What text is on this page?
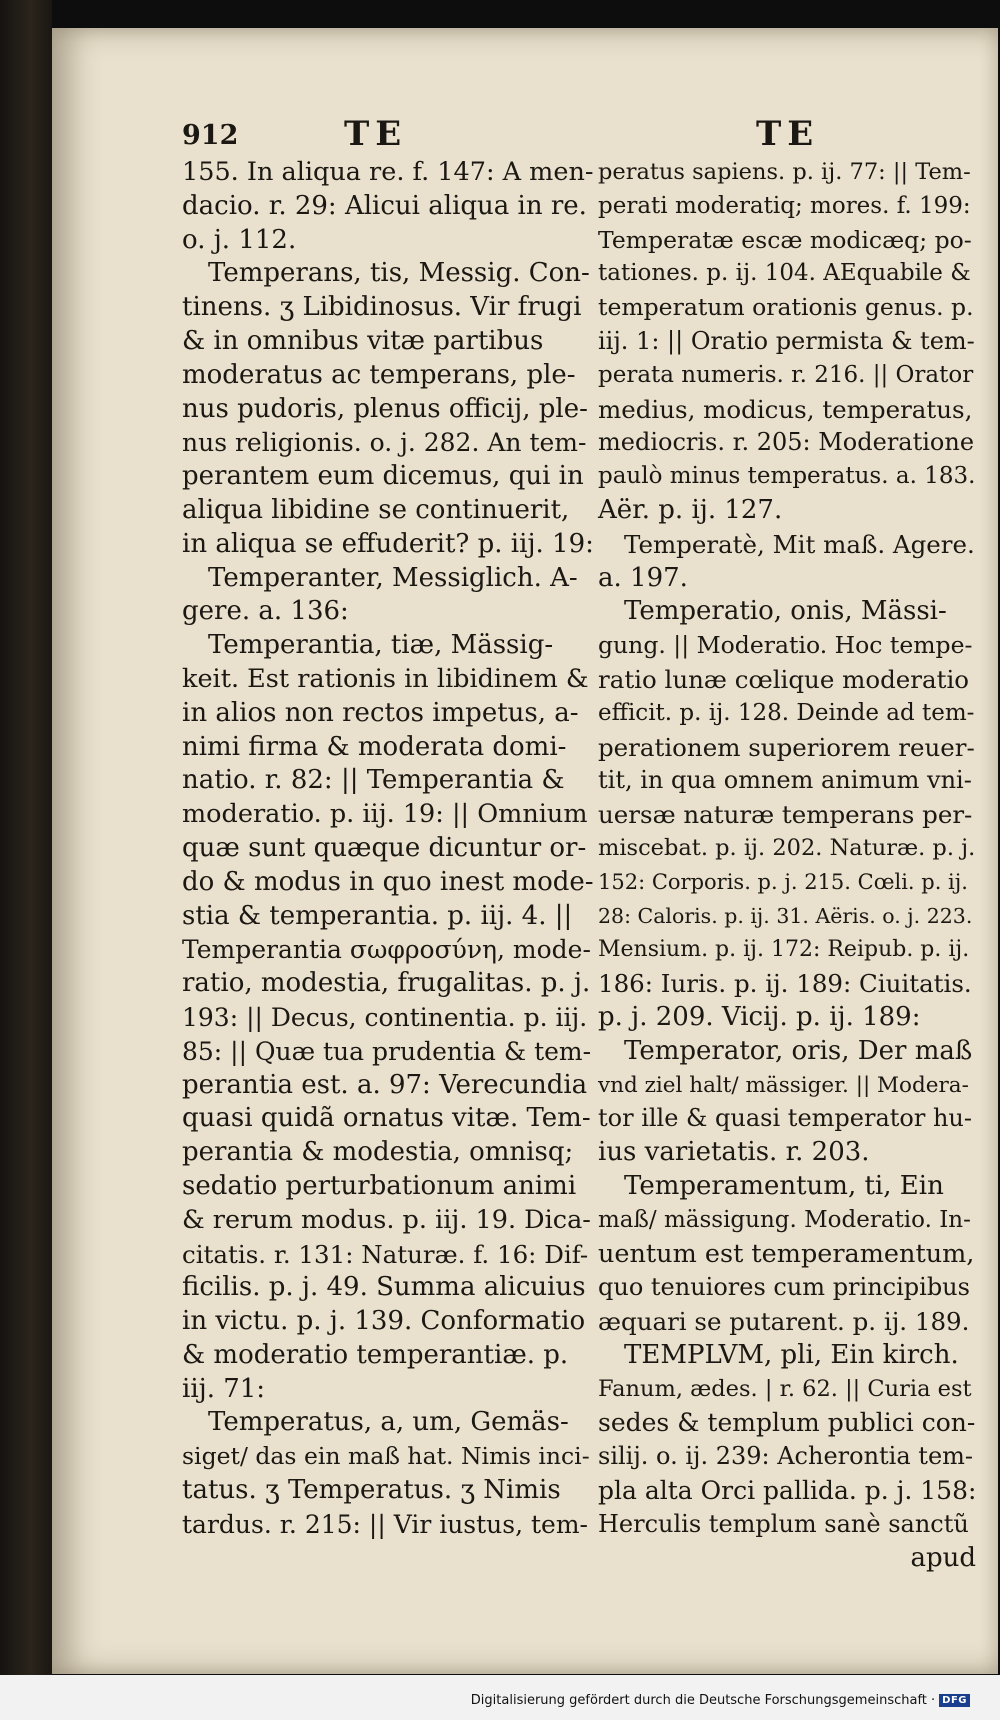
912	TE	TE
155. In aliqua re. f. 147: A men-
dacio. r. 29: Alicui aliqua in re.
o. j. 112.
Temperans, tis, Messig. Con-
tinens. ʒ Libidinosus. Vir frugi
& in omnibus vitæ partibus
moderatus ac temperans, ple-
nus pudoris, plenus officij, ple-
nus religionis. o. j. 282. An tem-
perantem eum dicemus, qui in
aliqua libidine se continuerit,
in aliqua se effuderit? p. iij. 19:
Temperanter, Messiglich. A-
gere. a. 136:
Temperantia, tiæ, Mässig-
keit. Est rationis in libidinem &
in alios non rectos impetus, a-
nimi firma & moderata domi-
natio. r. 82: || Temperantia &
moderatio. p. iij. 19: || Omnium
quæ sunt quæque dicuntur or-
do & modus in quo inest mode-
stia & temperantia. p. iij. 4. ||
Temperantia σωφροσύνη, mode-
ratio, modestia, frugalitas. p. j.
193: || Decus, continentia. p. iij.
85: || Quæ tua prudentia & tem-
perantia est. a. 97: Verecundia
quasi quidã ornatus vitæ. Tem-
perantia & modestia, omnisq;
sedatio perturbationum animi
& rerum modus. p. iij. 19. Dica-
citatis. r. 131: Naturæ. f. 16: Dif-
ficilis. p. j. 49. Summa alicuius
in victu. p. j. 139. Conformatio
& moderatio temperantiæ. p.
iij. 71:
Temperatus, a, um, Gemäs-
siget/ das ein maß hat. Nimis inci-
tatus. ʒ Temperatus. ʒ Nimis
tardus. r. 215: || Vir iustus, tem-
peratus sapiens. p. ij. 77: || Tem-
perati moderatiq; mores. f. 199:
Temperatæ escæ modicæq; po-
tationes. p. ij. 104. AEquabile &
temperatum orationis genus. p.
iij. 1: || Oratio permista & tem-
perata numeris. r. 216. || Orator
medius, modicus, temperatus,
mediocris. r. 205: Moderatione
paulò minus temperatus. a. 183.
Aër. p. ij. 127.
Temperatè, Mit maß. Agere.
a. 197.
Temperatio, onis, Mässi-
gung. || Moderatio. Hoc tempe-
ratio lunæ cœlique moderatio
efficit. p. ij. 128. Deinde ad tem-
perationem superiorem reuer-
tit, in qua omnem animum vni-
uersæ naturæ temperans per-
miscebat. p. ij. 202. Naturæ. p. j.
152: Corporis. p. j. 215. Cœli. p. ij.
28: Caloris. p. ij. 31. Aëris. o. j. 223.
Mensium. p. ij. 172: Reipub. p. ij.
186: Iuris. p. ij. 189: Ciuitatis.
p. j. 209. Vicij. p. ij. 189:
Temperator, oris, Der maß
vnd ziel halt/ mässiger. || Modera-
tor ille & quasi temperator hu-
ius varietatis. r. 203.
Temperamentum, ti, Ein
maß/ mässigung. Moderatio. In-
uentum est temperamentum,
quo tenuiores cum principibus
æquari se putarent. p. ij. 189.
TEMPLVM, pli, Ein kirch.
Fanum, ædes. | r. 62. || Curia est
sedes & templum publici con-
silij. o. ij. 239: Acherontia tem-
pla alta Orci pallida. p. j. 158:
Herculis templum sanè sanctũ
apud
Digitalisierung gefördert durch die Deutsche Forschungsgemeinschaft · DFG
